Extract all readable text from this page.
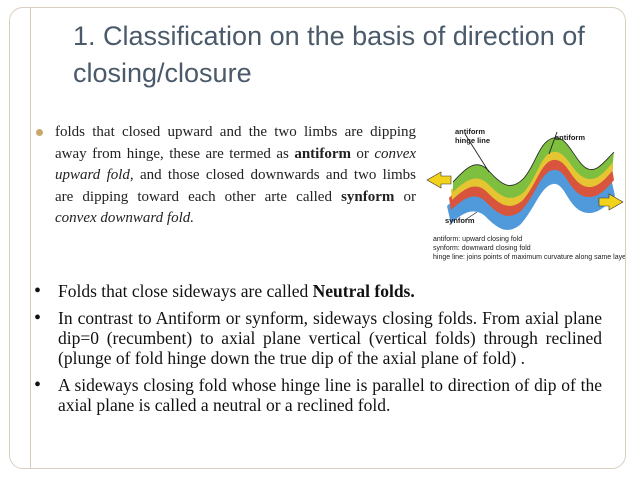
1. Classification on the basis of direction of closing/closure

folds that closed upward and the two limbs are dipping away from hinge, these are termed as antiform or convex upward fold, and those closed downwards and two limbs are dipping toward each other arte called synform or convex downward fold.

antiform
hinge line	antiform
synform
antiform: upward closing fold
synform: downward closing fold
hinge line: joins points of maximum curvature along same layer
• Folds that close sideways are called Neutral folds.
• In contrast to Antiform or synform, sideways closing folds. From axial plane dip=0 (recumbent) to axial plane vertical (vertical folds) through reclined (plunge of fold hinge down the true dip of the axial plane of fold) .
• A sideways closing fold whose hinge line is parallel to direction of dip of the axial plane is called a neutral or a reclined fold.
